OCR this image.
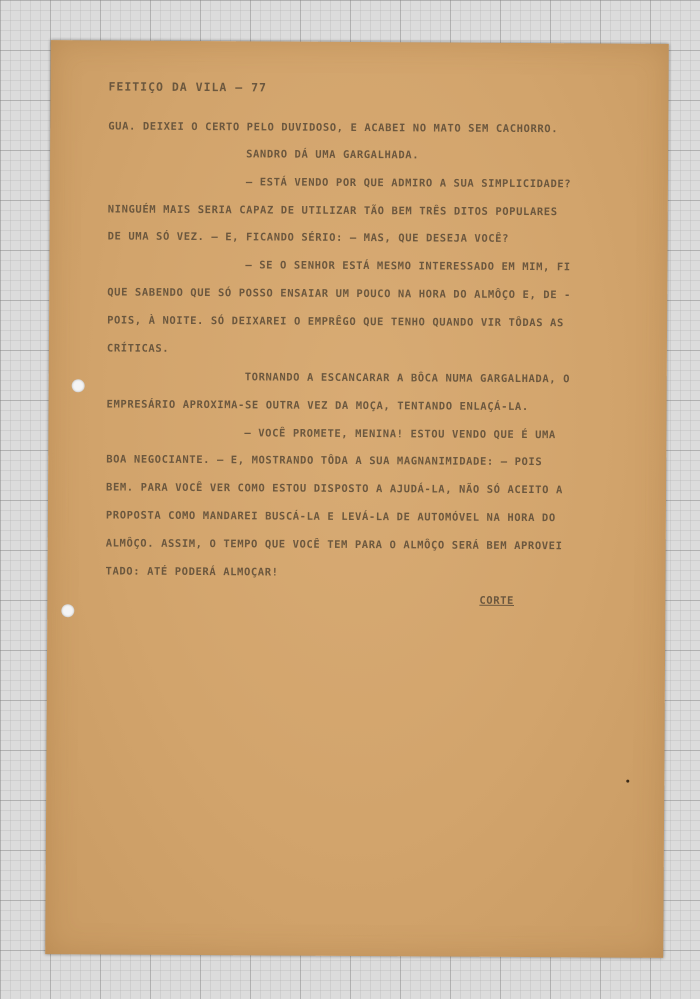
FEITIÇO DA VILA — 77
GUA. DEIXEI O CERTO PELO DUVIDOSO, E ACABEI NO MATO SEM CACHORRO.
SANDRO DÁ UMA GARGALHADA.
— ESTÁ VENDO POR QUE ADMIRO A SUA SIMPLICIDADE?
NINGUÉM MAIS SERIA CAPAZ DE UTILIZAR TÃO BEM TRÊS DITOS POPULARES
DE UMA SÓ VEZ. — E, FICANDO SÉRIO: — MAS, QUE DESEJA VOCÊ?
— SE O SENHOR ESTÁ MESMO INTERESSADO EM MIM, FI
QUE SABENDO QUE SÓ POSSO ENSAIAR UM POUCO NA HORA DO ALMÔÇO E, DE -
POIS, À NOITE. SÓ DEIXAREI O EMPRÊGO QUE TENHO QUANDO VIR TÔDAS AS
CRÍTICAS.
TORNANDO A ESCANCARAR A BÔCA NUMA GARGALHADA, O
EMPRESÁRIO APROXIMA-SE OUTRA VEZ DA MOÇA, TENTANDO ENLAÇÁ-LA.
— VOCÊ PROMETE, MENINA! ESTOU VENDO QUE É UMA
BOA NEGOCIANTE. — E, MOSTRANDO TÔDA A SUA MAGNANIMIDADE: — POIS
BEM. PARA VOCÊ VER COMO ESTOU DISPOSTO A AJUDÁ-LA, NÃO SÓ ACEITO A
PROPOSTA COMO MANDAREI BUSCÁ-LA E LEVÁ-LA DE AUTOMÓVEL NA HORA DO
ALMÔÇO. ASSIM, O TEMPO QUE VOCÊ TEM PARA O ALMÔÇO SERÁ BEM APROVEI
TADO: ATÉ PODERÁ ALMOÇAR!
CORTE
